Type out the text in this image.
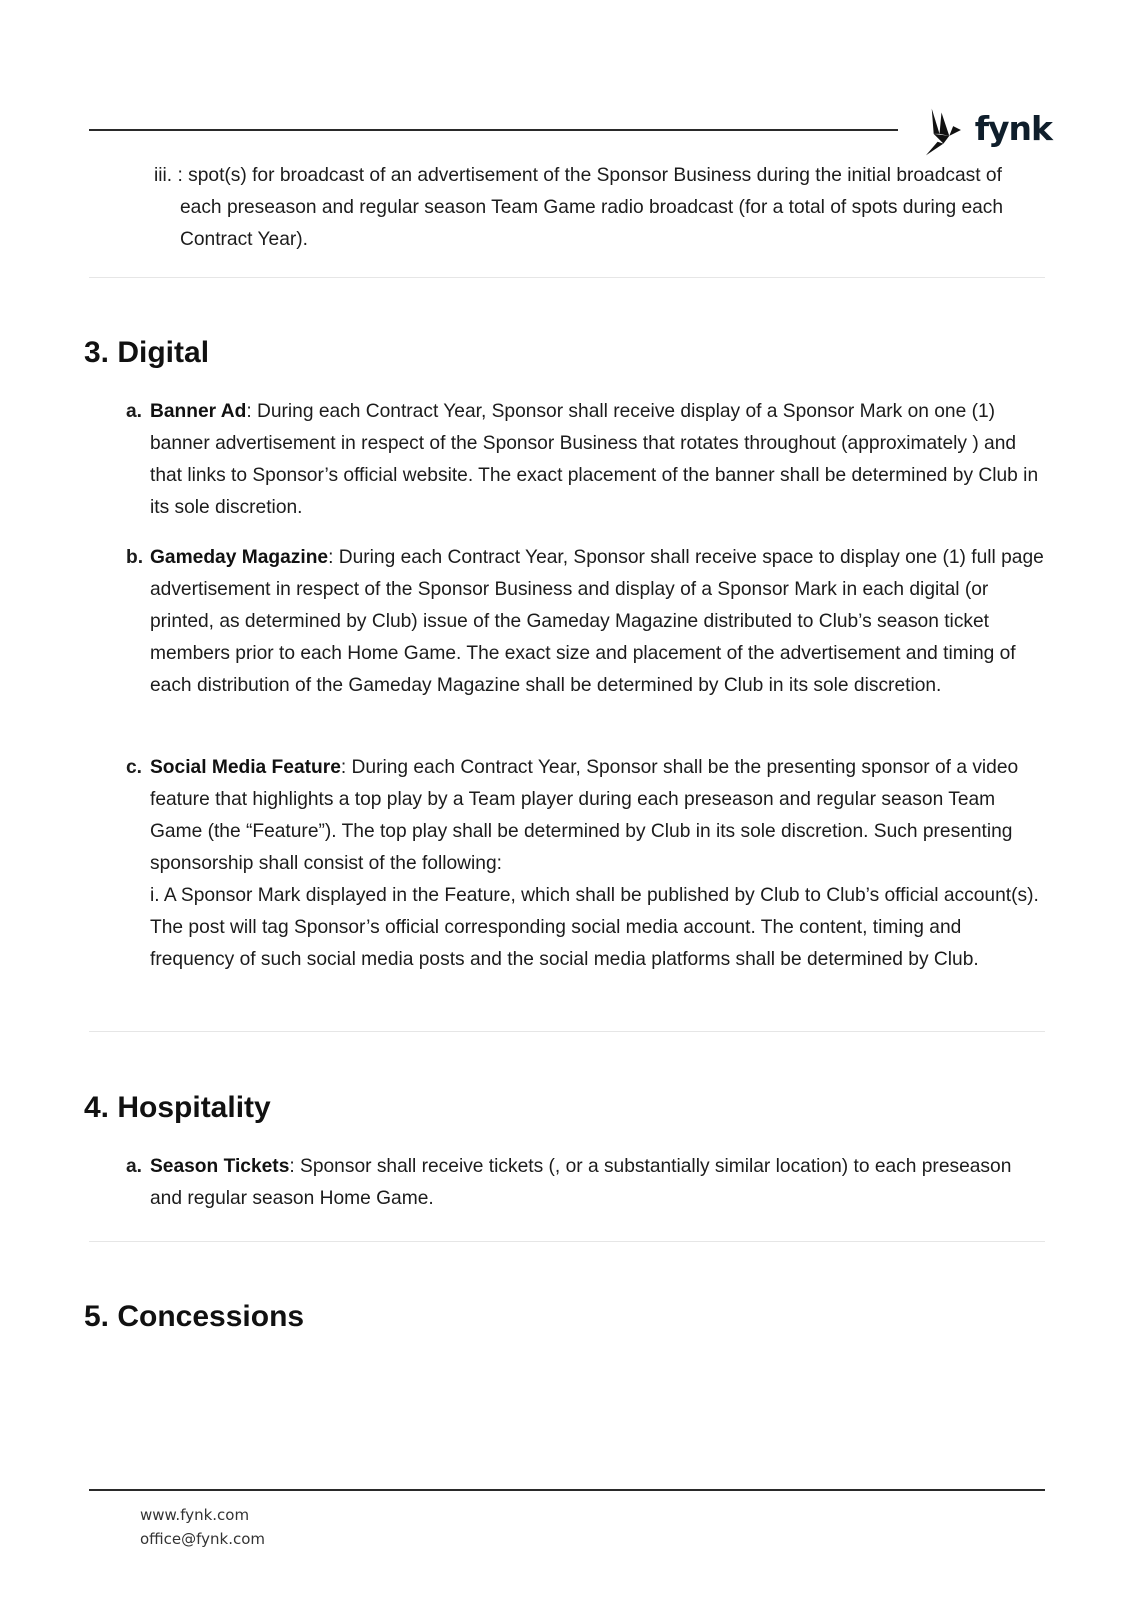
fynk
iii. : spot(s) for broadcast of an advertisement of the Sponsor Business during the initial broadcast of each preseason and regular season Team Game radio broadcast (for a total of spots during each Contract Year).
3. Digital
a. Banner Ad: During each Contract Year, Sponsor shall receive display of a Sponsor Mark on one (1) banner advertisement in respect of the Sponsor Business that rotates throughout (approximately ) and that links to Sponsor’s official website. The exact placement of the banner shall be determined by Club in its sole discretion.
b. Gameday Magazine: During each Contract Year, Sponsor shall receive space to display one (1) full page advertisement in respect of the Sponsor Business and display of a Sponsor Mark in each digital (or printed, as determined by Club) issue of the Gameday Magazine distributed to Club’s season ticket members prior to each Home Game. The exact size and placement of the advertisement and timing of each distribution of the Gameday Magazine shall be determined by Club in its sole discretion.
c. Social Media Feature: During each Contract Year, Sponsor shall be the presenting sponsor of a video feature that highlights a top play by a Team player during each preseason and regular season Team Game (the “Feature”). The top play shall be determined by Club in its sole discretion. Such presenting sponsorship shall consist of the following:
i. A Sponsor Mark displayed in the Feature, which shall be published by Club to Club’s official account(s). The post will tag Sponsor’s official corresponding social media account. The content, timing and frequency of such social media posts and the social media platforms shall be determined by Club.
4. Hospitality
a. Season Tickets: Sponsor shall receive tickets (, or a substantially similar location) to each preseason and regular season Home Game.
5. Concessions
www.fynk.com
office@fynk.com
